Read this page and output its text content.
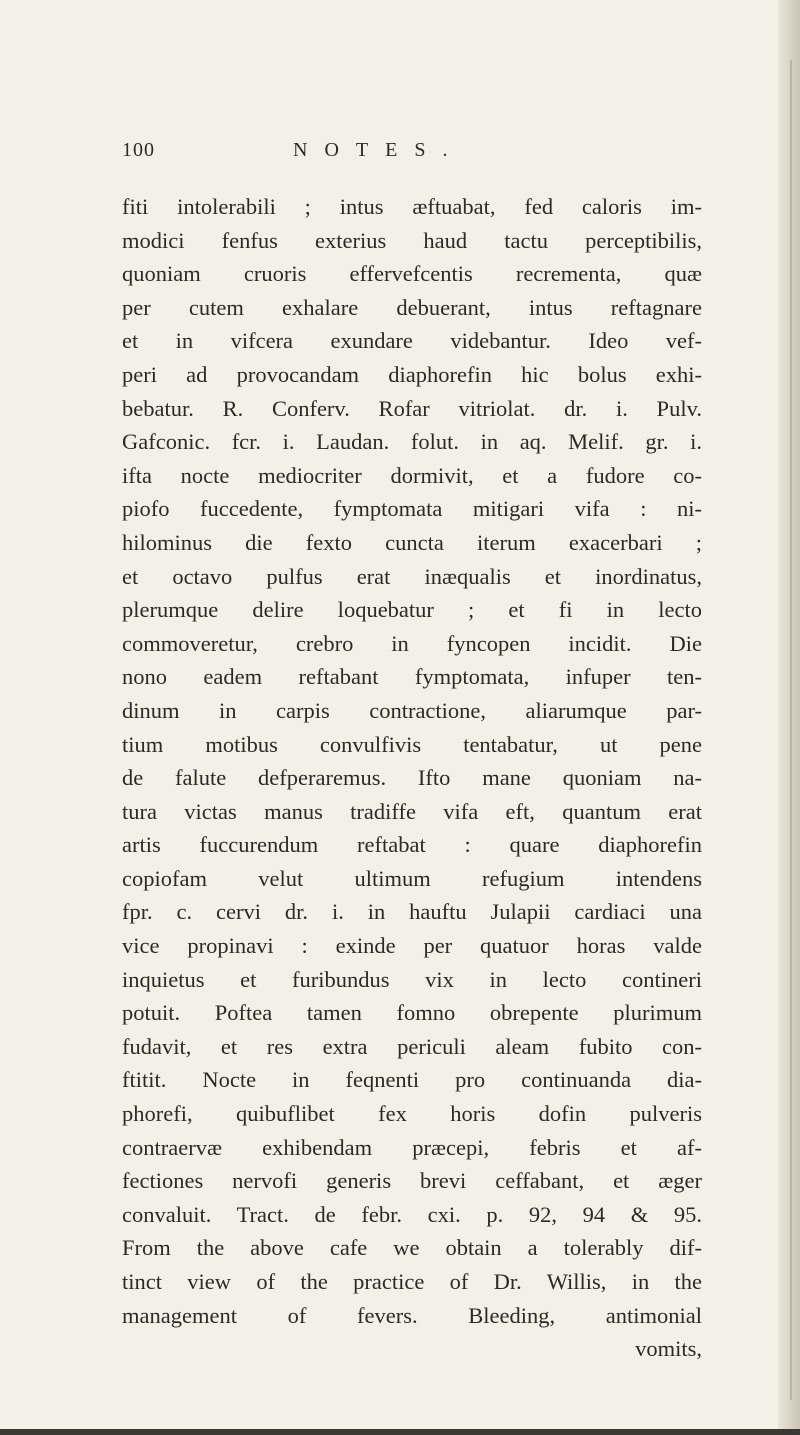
100	NOTES.
fiti intolerabili ; intus æftuabat, fed caloris im-
modici fenfus exterius haud tactu perceptibilis,
quoniam cruoris effervefcentis recrementa, quæ
per cutem exhalare debuerant, intus reftagnare
et in vifcera exundare videbantur. Ideo vef-
peri ad provocandam diaphorefin hic bolus exhi-
bebatur. R. Conferv. Rofar vitriolat. dr. i. Pulv.
Gafconic. fcr. i. Laudan. folut. in aq. Melif. gr. i.
ifta nocte mediocriter dormivit, et a fudore co-
piofo fuccedente, fymptomata mitigari vifa : ni-
hilominus die fexto cuncta iterum exacerbari ;
et octavo pulfus erat inæqualis et inordinatus,
plerumque delire loquebatur ; et fi in lecto
commoveretur, crebro in fyncopen incidit. Die
nono eadem reftabant fymptomata, infuper ten-
dinum in carpis contractione, aliarumque par-
tium motibus convulfivis tentabatur, ut pene
de falute defperaremus. Ifto mane quoniam na-
tura victas manus tradiffe vifa eft, quantum erat
artis fuccurendum reftabat : quare diaphorefin
copiofam velut ultimum refugium intendens
fpr. c. cervi dr. i. in hauftu Julapii cardiaci una
vice propinavi : exinde per quatuor horas valde
inquietus et furibundus vix in lecto contineri
potuit. Poftea tamen fomno obrepente plurimum
fudavit, et res extra periculi aleam fubito con-
ftitit. Nocte in feqnenti pro continuanda dia-
phorefi, quibuflibet fex horis dofin pulveris
contraervæ exhibendam præcepi, febris et af-
fectiones nervofi generis brevi ceffabant, et æger
convaluit. Tract. de febr. cxi. p. 92, 94 & 95.
From the above cafe we obtain a tolerably dif-
tinct view of the practice of Dr. Willis, in the
management of fevers. Bleeding, antimonial
vomits,
